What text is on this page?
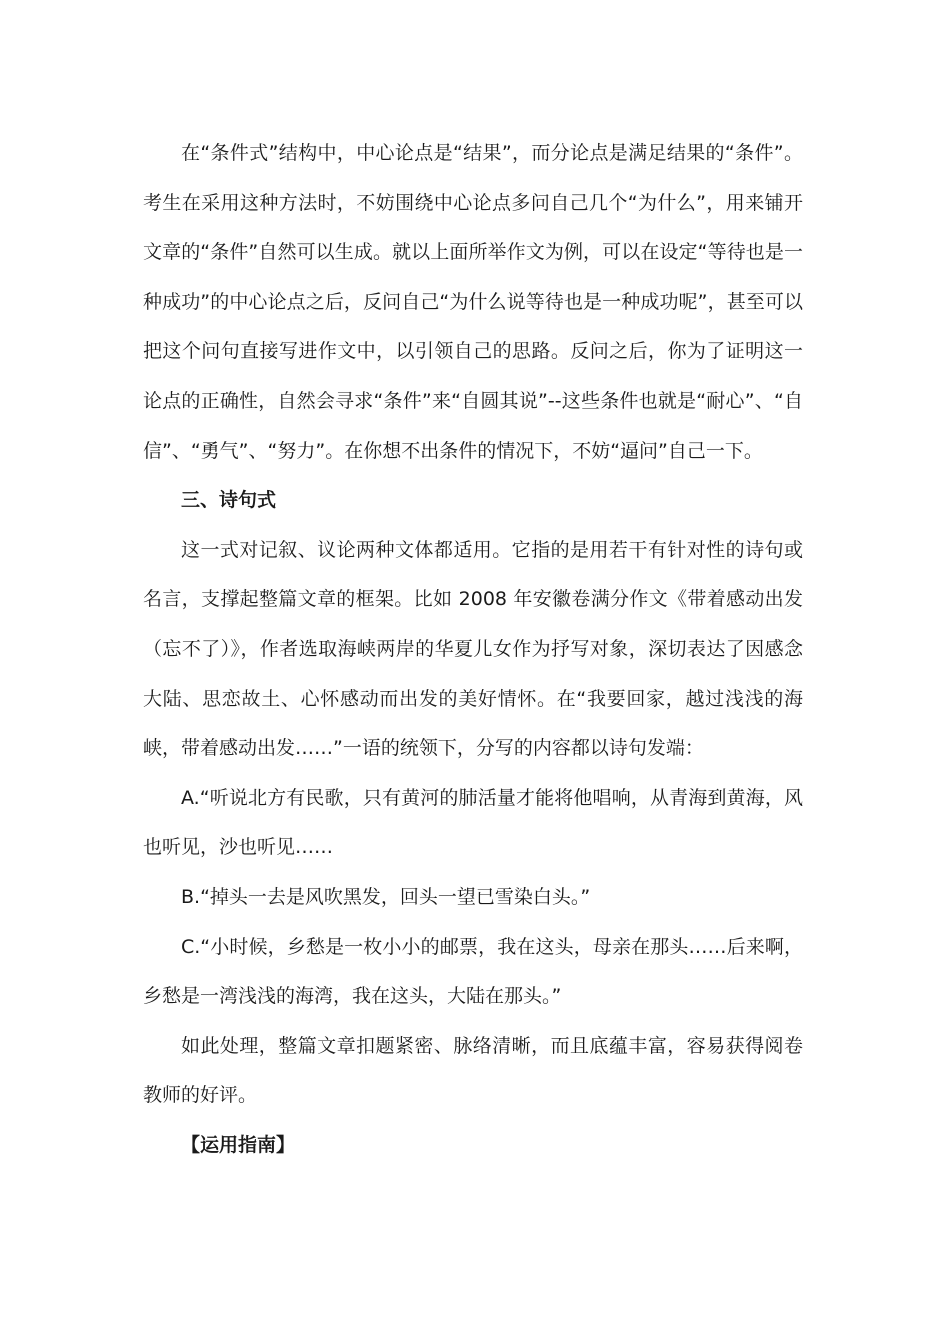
在“条件式”结构中，中心论点是“结果”，而分论点是满足结果的“条件”。考生在采用这种方法时，不妨围绕中心论点多问自己几个“为什么”，用来铺开文章的“条件”自然可以生成。就以上面所举作文为例，可以在设定“等待也是一种成功”的中心论点之后，反问自己“为什么说等待也是一种成功呢”，甚至可以把这个问句直接写进作文中，以引领自己的思路。反问之后，你为了证明这一论点的正确性，自然会寻求“条件”来“自圆其说”--这些条件也就是“耐心”、“自信”、“勇气”、“努力”。在你想不出条件的情况下，不妨“逼问”自己一下。

三、诗句式

这一式对记叙、议论两种文体都适用。它指的是用若干有针对性的诗句或名言，支撑起整篇文章的框架。比如 2008 年安徽卷满分作文《带着感动出发（忘不了）》，作者选取海峡两岸的华夏儿女作为抒写对象，深切表达了因感念大陆、思恋故土、心怀感动而出发的美好情怀。在“我要回家，越过浅浅的海峡，带着感动出发……”一语的统领下，分写的内容都以诗句发端：

A.“听说北方有民歌，只有黄河的肺活量才能将他唱响，从青海到黄海，风也听见，沙也听见……

B.“掉头一去是风吹黑发，回头一望已雪染白头。”

C.“小时候，乡愁是一枚小小的邮票，我在这头，母亲在那头……后来啊，乡愁是一湾浅浅的海湾，我在这头，大陆在那头。”

如此处理，整篇文章扣题紧密、脉络清晰，而且底蕴丰富，容易获得阅卷教师的好评。

【运用指南】
